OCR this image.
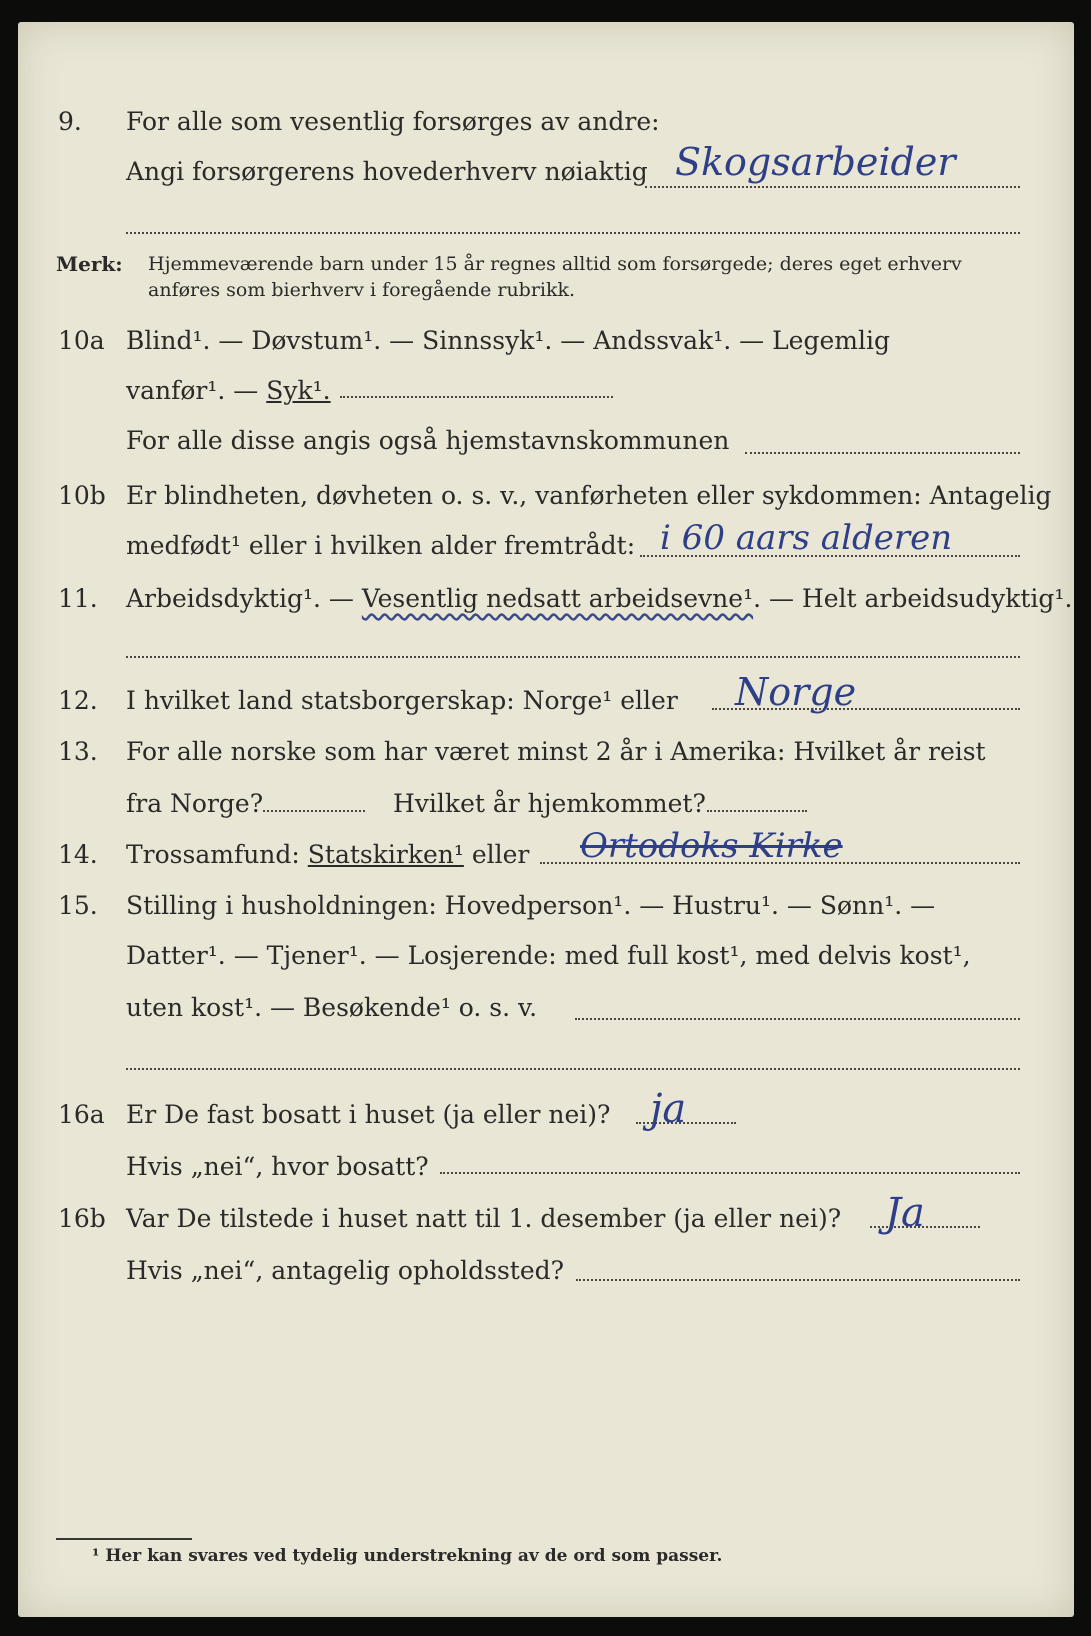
9. For alle som vesentlig forsørges av andre:
Angi forsørgerens hovederhverv nøiaktig Skogsarbeider
Merk: Hjemmeværende barn under 15 år regnes alltid som forsørgede; deres eget erhverv
anføres som bierhverv i foregående rubrikk.
10a Blind¹. — Døvstum¹. — Sinnssyk¹. — Andssvak¹. — Legemlig
vanfør¹. — Syk¹.
For alle disse angis også hjemstavnskommunen
10b Er blindheten, døvheten o. s. v., vanførheten eller sykdommen: Antagelig
medfødt¹ eller i hvilken alder fremtrådt: i 60 aars alderen
11. Arbeidsdyktig¹. — Vesentlig nedsatt arbeidsevne¹. — Helt arbeidsudyktig¹.
12. I hvilket land statsborgerskap: Norge¹ eller Norge
13. For alle norske som har været minst 2 år i Amerika: Hvilket år reist
fra Norge?	Hvilket år hjemkommet?
14. Trossamfund: Statskirken¹ eller Ortodoks Kirke
15. Stilling i husholdningen: Hovedperson¹. — Hustru¹. — Sønn¹. —
Datter¹. — Tjener¹. — Losjerende: med full kost¹, med delvis kost¹,
uten kost¹. — Besøkende¹ o. s. v.
16a Er De fast bosatt i huset (ja eller nei)? ja
Hvis „nei“, hvor bosatt?
16b Var De tilstede i huset natt til 1. desember (ja eller nei)? Ja
Hvis „nei“, antagelig opholdssted?
¹ Her kan svares ved tydelig understrekning av de ord som passer.
